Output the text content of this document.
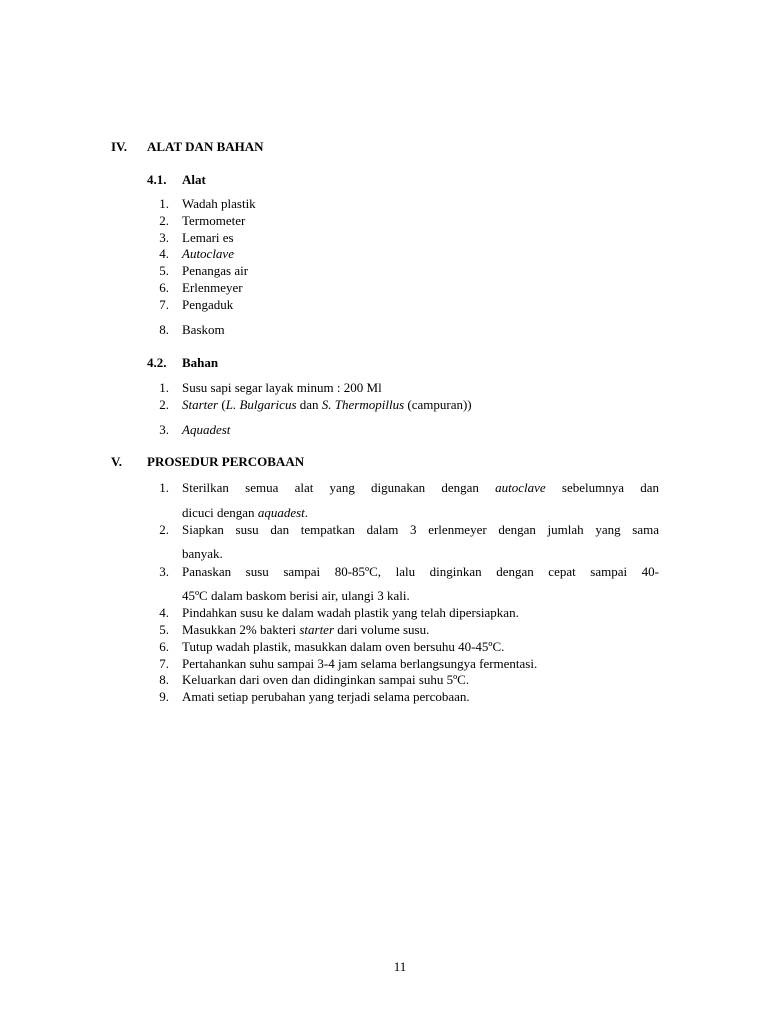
IV. ALAT DAN BAHAN
4.1. Alat
1. Wadah plastik
2. Termometer
3. Lemari es
4. Autoclave
5. Penangas air
6. Erlenmeyer
7. Pengaduk
8. Baskom
4.2. Bahan
1. Susu sapi segar layak minum : 200 Ml
2. Starter (L. Bulgaricus dan S. Thermopillus (campuran))
3. Aquadest
V. PROSEDUR PERCOBAAN
1. Sterilkan semua alat yang digunakan dengan autoclave sebelumnya dan
dicuci dengan aquadest.
2. Siapkan susu dan tempatkan dalam 3 erlenmeyer dengan jumlah yang sama
banyak.
3. Panaskan susu sampai 80-85ºC, lalu dinginkan dengan cepat sampai 40-
45ºC dalam baskom berisi air, ulangi 3 kali.
4. Pindahkan susu ke dalam wadah plastik yang telah dipersiapkan.
5. Masukkan 2% bakteri starter dari volume susu.
6. Tutup wadah plastik, masukkan dalam oven bersuhu 40-45ºC.
7. Pertahankan suhu sampai 3-4 jam selama berlangsungya fermentasi.
8. Keluarkan dari oven dan didinginkan sampai suhu 5ºC.
9. Amati setiap perubahan yang terjadi selama percobaan.
11
